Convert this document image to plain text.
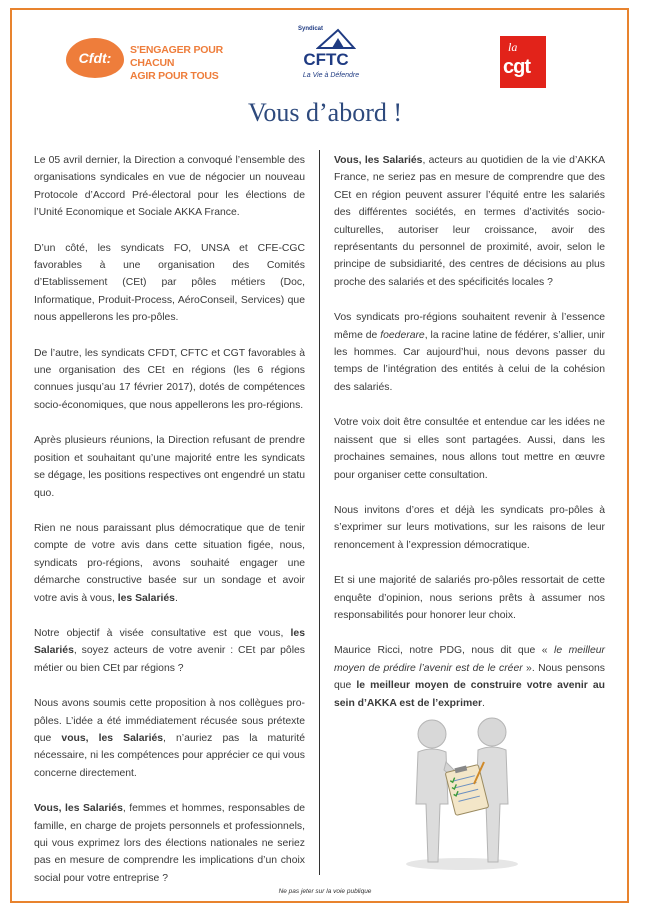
Cfdt:	S'ENGAGER POUR CHACUN
AGIR POUR TOUS
Syndicat
CFTC
La Vie à Défendre
la
cgt
Vous d’abord !

Le 05 avril dernier, la Direction a convoqué l’ensemble des organisations syndicales en vue de négocier un nouveau Protocole d’Accord Pré-électoral pour les élections de l’Unité Economique et Sociale AKKA France.

D’un côté, les syndicats FO, UNSA et CFE-CGC favorables à une organisation des Comités d’Etablissement (CEt) par pôles métiers (Doc, Informatique, Produit-Process, AéroConseil, Services) que nous appellerons les pro-pôles.

De l’autre, les syndicats CFDT, CFTC et CGT favorables à une organisation des CEt en régions (les 6 régions connues jusqu’au 17 février 2017), dotés de compétences socio-économiques, que nous appellerons les pro-régions.

Après plusieurs réunions, la Direction refusant de prendre position et souhaitant qu’une majorité entre les syndicats se dégage, les positions respectives ont engendré un statu quo.

Rien ne nous paraissant plus démocratique que de tenir compte de votre avis dans cette situation figée, nous, syndicats pro-régions, avons souhaité engager une démarche constructive basée sur un sondage et avoir votre avis à vous, les Salariés.

Notre objectif à visée consultative est que vous, les Salariés, soyez acteurs de votre avenir : CEt par pôles métier ou bien CEt par régions ?

Nous avons soumis cette proposition à nos collègues pro-pôles. L’idée a été immédiatement récusée sous prétexte que vous, les Salariés, n’auriez pas la maturité nécessaire, ni les compétences pour apprécier ce qui vous concerne directement.

Vous, les Salariés, femmes et hommes, responsables de famille, en charge de projets personnels et professionnels, qui vous exprimez lors des élections nationales ne seriez pas en mesure de comprendre les implications d’un choix social pour votre entreprise ?

Vous, les Salariés, acteurs au quotidien de la vie d’AKKA France, ne seriez pas en mesure de comprendre que des CEt en région peuvent assurer l’équité entre les salariés des différentes sociétés, en termes d’activités socio-culturelles, autoriser leur croissance, avoir des représentants du personnel de proximité, avoir, selon le principe de subsidiarité, des centres de décisions au plus proche des salariés et des spécificités locales ?

Vos syndicats pro-régions souhaitent revenir à l’essence même de foederare, la racine latine de fédérer, s’allier, unir les hommes. Car aujourd’hui, nous devons passer du temps de l’intégration des entités à celui de la cohésion des salariés.

Votre voix doit être consultée et entendue car les idées ne naissent que si elles sont partagées. Aussi, dans les prochaines semaines, nous allons tout mettre en œuvre pour organiser cette consultation.

Nous invitons d’ores et déjà les syndicats pro-pôles à s’exprimer sur leurs motivations, sur les raisons de leur renoncement à l’expression démocratique.

Et si une majorité de salariés pro-pôles ressortait de cette enquête d’opinion, nous serions prêts à assumer nos responsabilités pour honorer leur choix.

Maurice Ricci, notre PDG, nous dit que « le meilleur moyen de prédire l’avenir est de le créer ». Nous pensons que le meilleur moyen de construire votre avenir au sein d’AKKA est de l’exprimer.

Ne pas jeter sur la voie publique
